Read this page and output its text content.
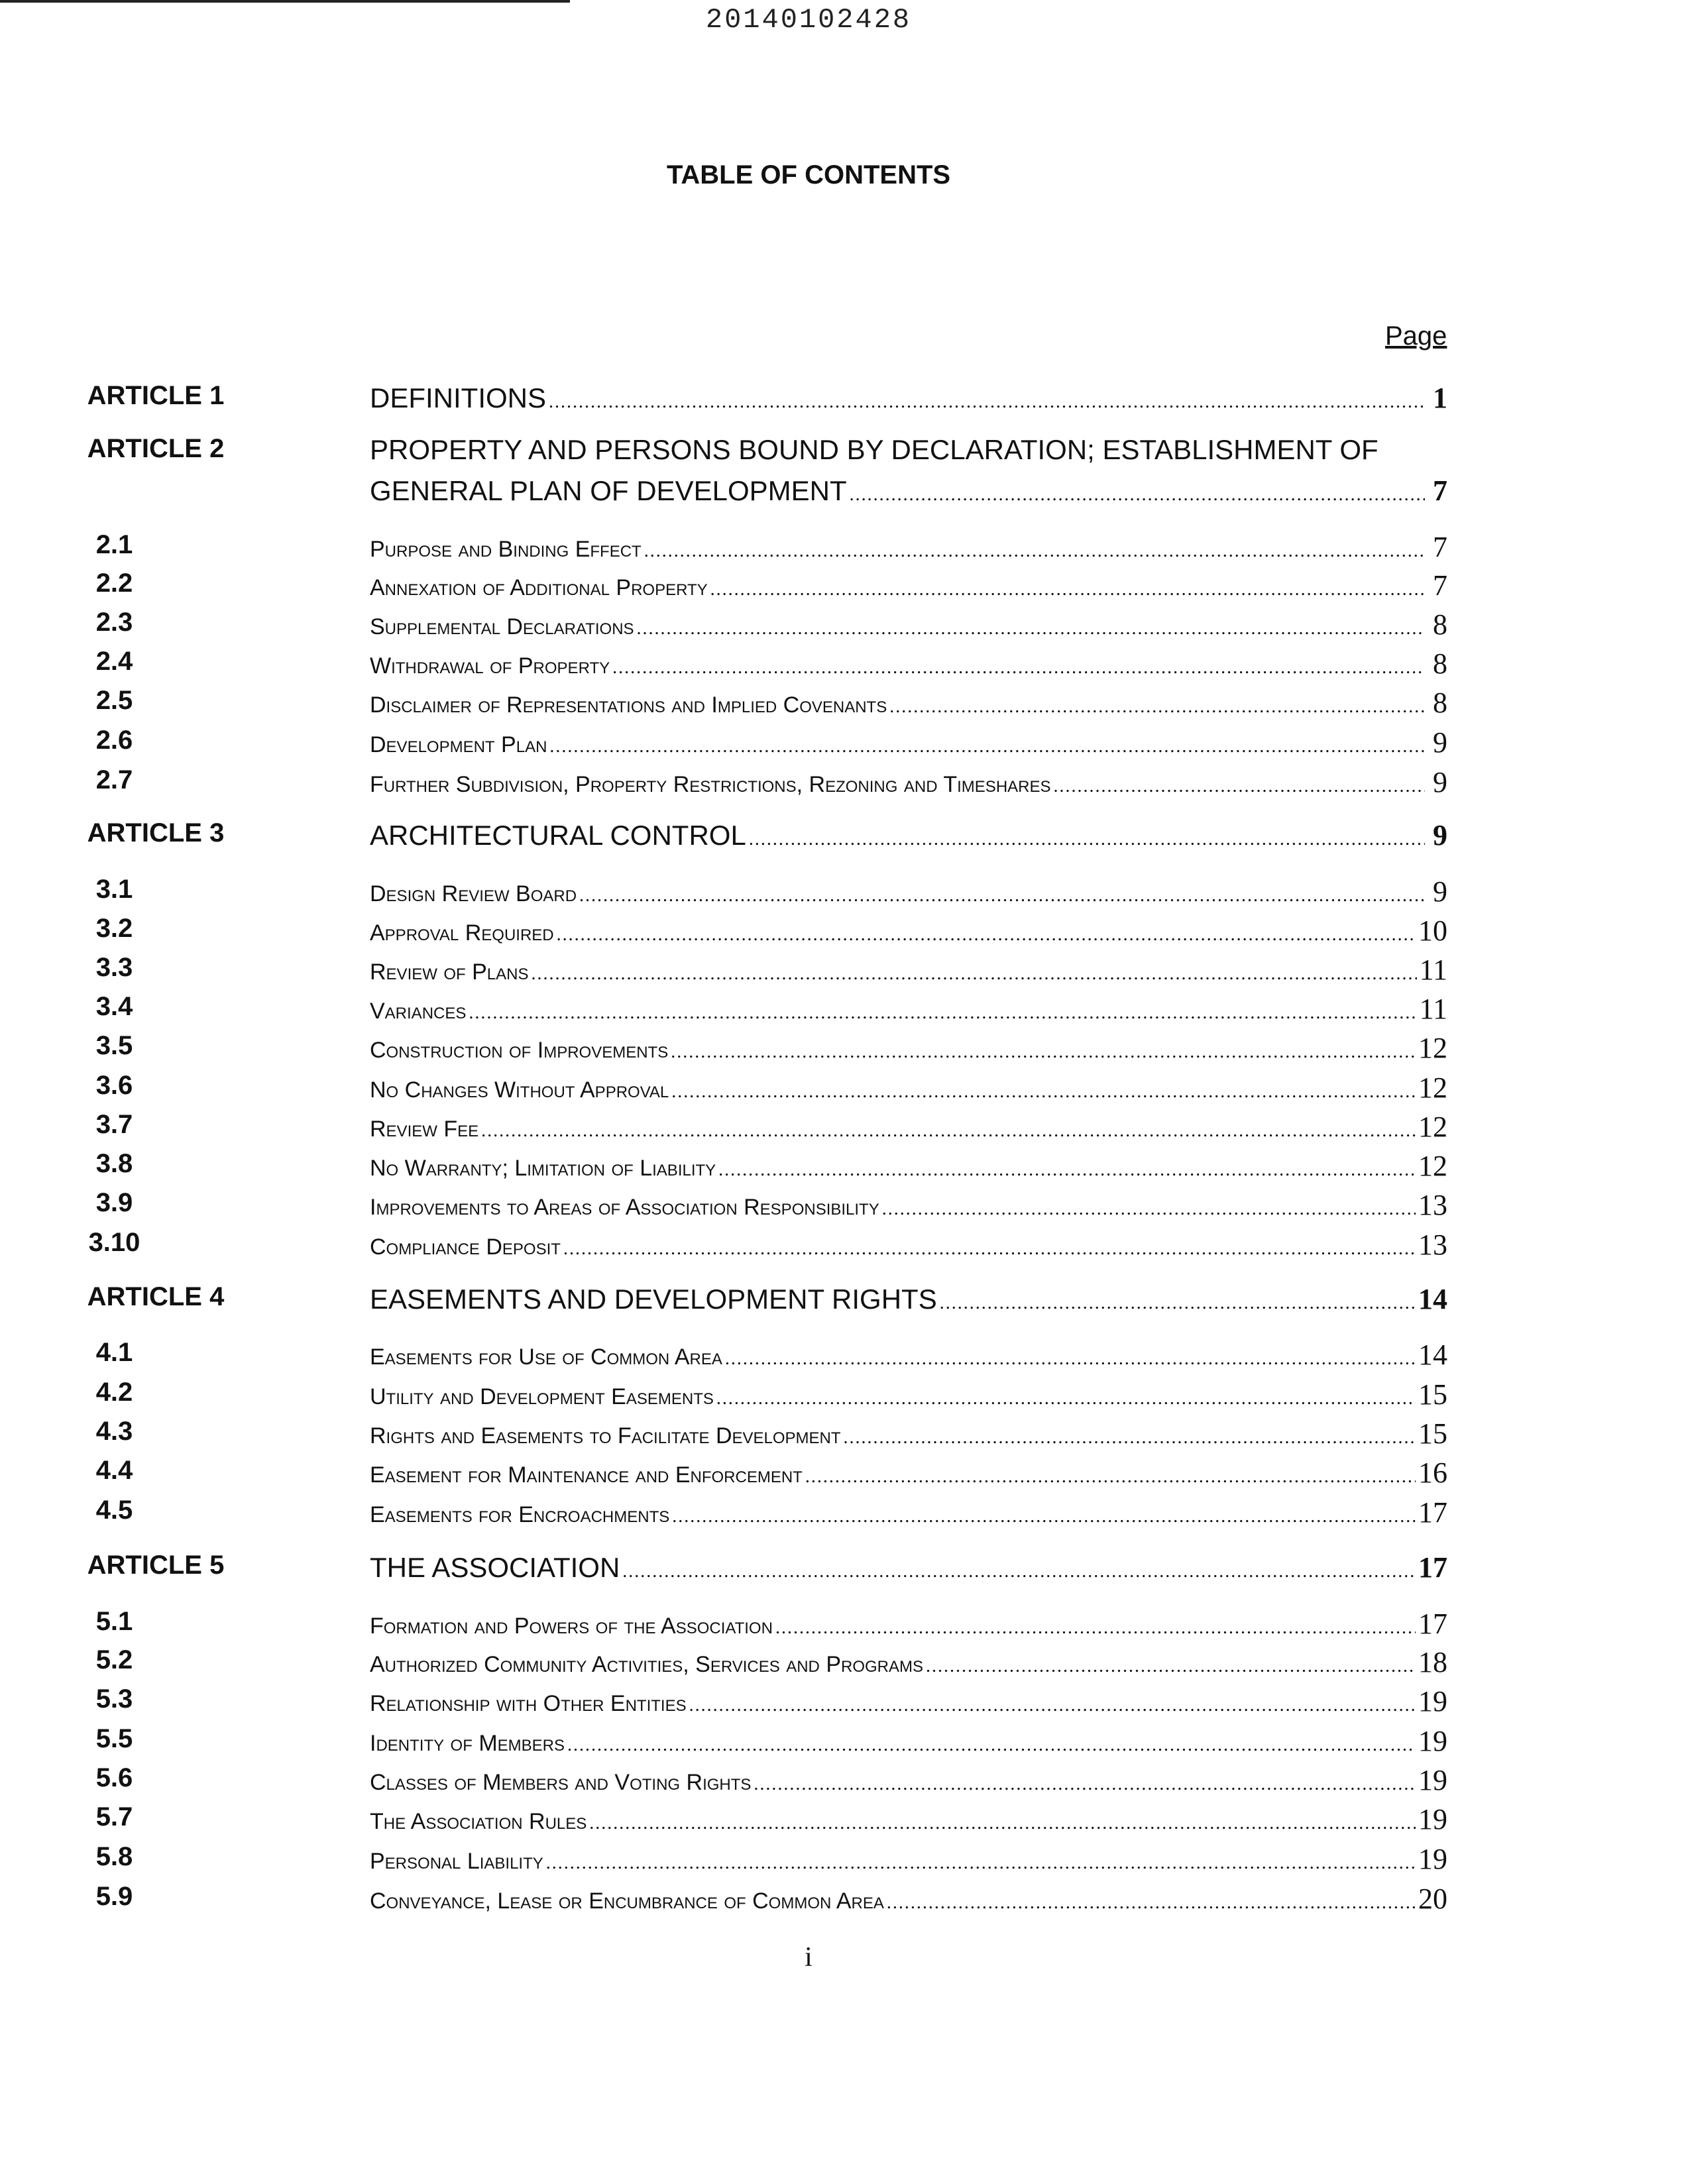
20140102428
TABLE OF CONTENTS
Page
ARTICLE 1	DEFINITIONS .....	1
ARTICLE 2	PROPERTY AND PERSONS BOUND BY DECLARATION; ESTABLISHMENT OF
GENERAL PLAN OF DEVELOPMENT .....	7
2.1	Purpose and Binding Effect .....	7
2.2	Annexation of Additional Property .....	7
2.3	Supplemental Declarations .....	8
2.4	Withdrawal of Property .....	8
2.5	Disclaimer of Representations and Implied Covenants .....	8
2.6	Development Plan .....	9
2.7	Further Subdivision, Property Restrictions, Rezoning and Timeshares .....	9
ARTICLE 3	ARCHITECTURAL CONTROL .....	9
3.1	Design Review Board .....	9
3.2	Approval Required .....	10
3.3	Review of Plans .....	11
3.4	Variances .....	11
3.5	Construction of Improvements .....	12
3.6	No Changes Without Approval .....	12
3.7	Review Fee .....	12
3.8	No Warranty; Limitation of Liability .....	12
3.9	Improvements to Areas of Association Responsibility .....	13
3.10	Compliance Deposit .....	13
ARTICLE 4	EASEMENTS AND DEVELOPMENT RIGHTS .....	14
4.1	Easements for Use of Common Area .....	14
4.2	Utility and Development Easements .....	15
4.3	Rights and Easements to Facilitate Development .....	15
4.4	Easement for Maintenance and Enforcement .....	16
4.5	Easements for Encroachments .....	17
ARTICLE 5	THE ASSOCIATION .....	17
5.1	Formation and Powers of the Association .....	17
5.2	Authorized Community Activities, Services and Programs .....	18
5.3	Relationship with Other Entities .....	19
5.5	Identity of Members .....	19
5.6	Classes of Members and Voting Rights .....	19
5.7	The Association Rules .....	19
5.8	Personal Liability .....	19
5.9	Conveyance, Lease or Encumbrance of Common Area .....	20
i
